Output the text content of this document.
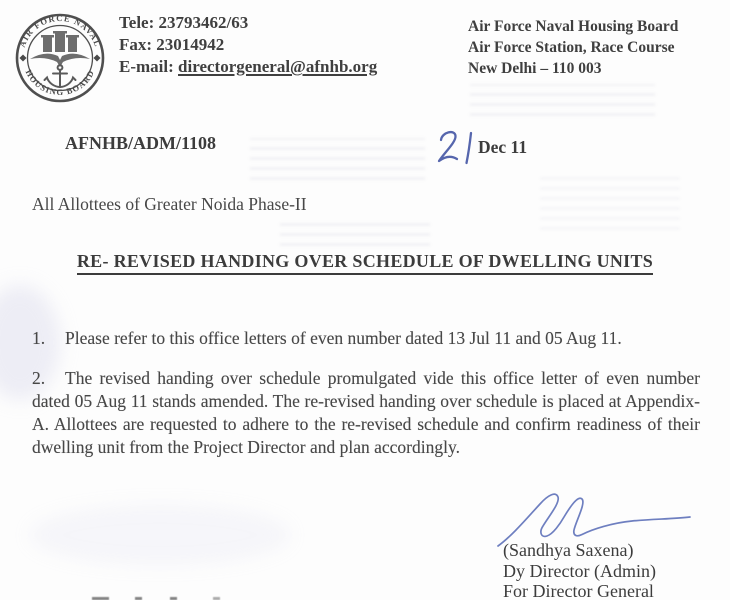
AIR FORCE NAVAL
HOUSING BOARD
Tele: 23793462/63
Fax: 23014942
E-mail: directorgeneral@afnhb.org
Air Force Naval Housing Board
Air Force Station, Race Course
New Delhi – 110 003
AFNHB/ADM/1108	Dec 11
All Allottees of Greater Noida Phase-II
RE- REVISED HANDING OVER SCHEDULE OF DWELLING UNITS
1. Please refer to this office letters of even number dated 13 Jul 11 and 05 Aug 11.
2. The revised handing over schedule promulgated vide this office letter of even number dated 05 Aug 11 stands amended. The re-revised handing over schedule is placed at Appendix- A. Allottees are requested to adhere to the re-revised schedule and confirm readiness of their dwelling unit from the Project Director and plan accordingly.
(Sandhya Saxena)
Dy Director (Admin)
For Director General
